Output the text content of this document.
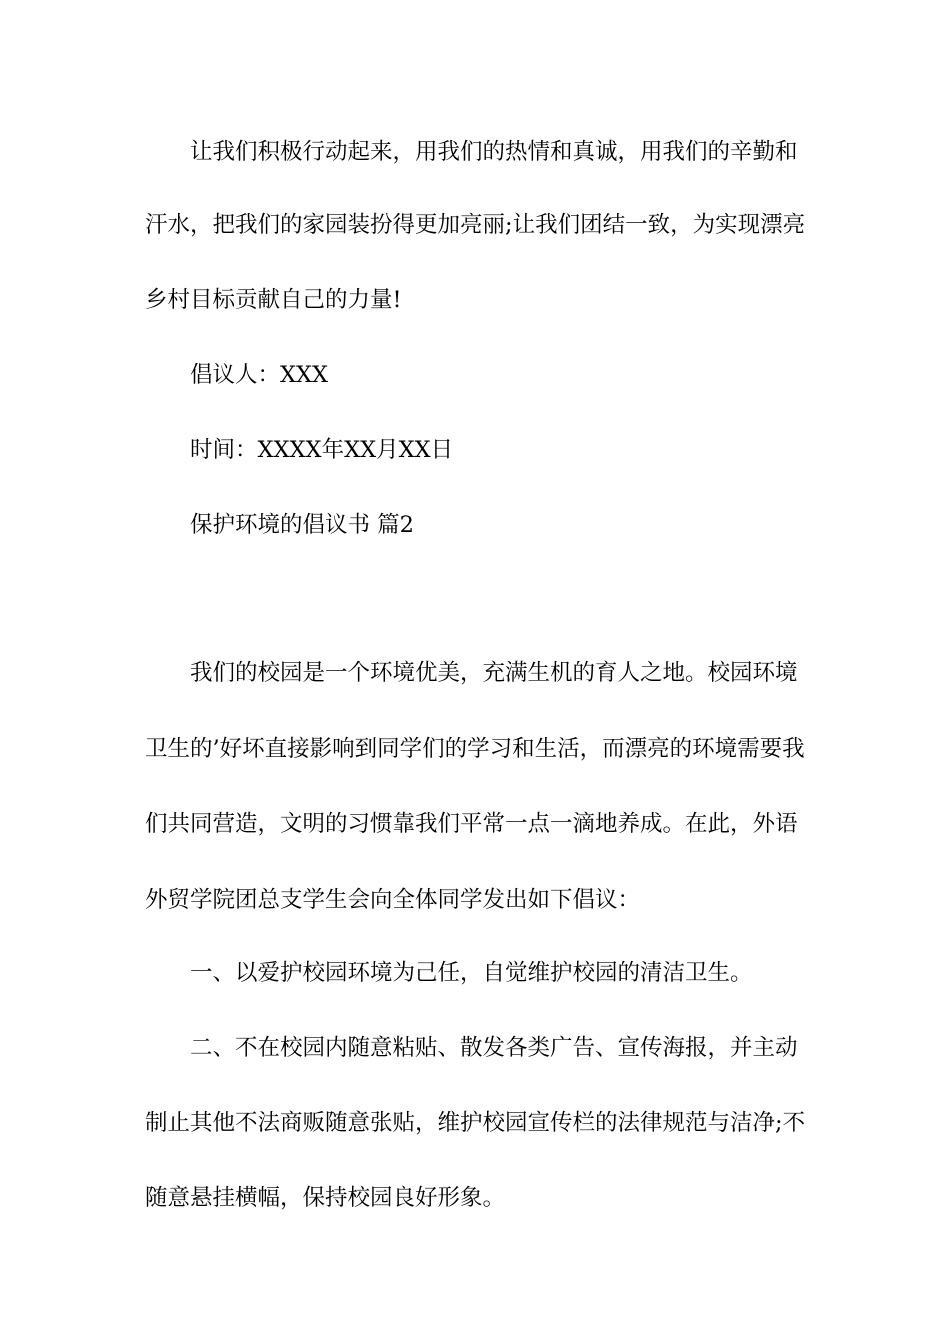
让我们积极行动起来，用我们的热情和真诚，用我们的辛勤和
汗水，把我们的家园装扮得更加亮丽;让我们团结一致，为实现漂亮
乡村目标贡献自己的力量!
倡议人：XXX
时间：XXXX年XX月XX日
保护环境的倡议书 篇2
我们的校园是一个环境优美，充满生机的育人之地。校园环境
卫生的’好坏直接影响到同学们的学习和生活，而漂亮的环境需要我
们共同营造，文明的习惯靠我们平常一点一滴地养成。在此，外语
外贸学院团总支学生会向全体同学发出如下倡议：
一、以爱护校园环境为己任，自觉维护校园的清洁卫生。
二、不在校园内随意粘贴、散发各类广告、宣传海报，并主动
制止其他不法商贩随意张贴，维护校园宣传栏的法律规范与洁净;不
随意悬挂横幅，保持校园良好形象。
